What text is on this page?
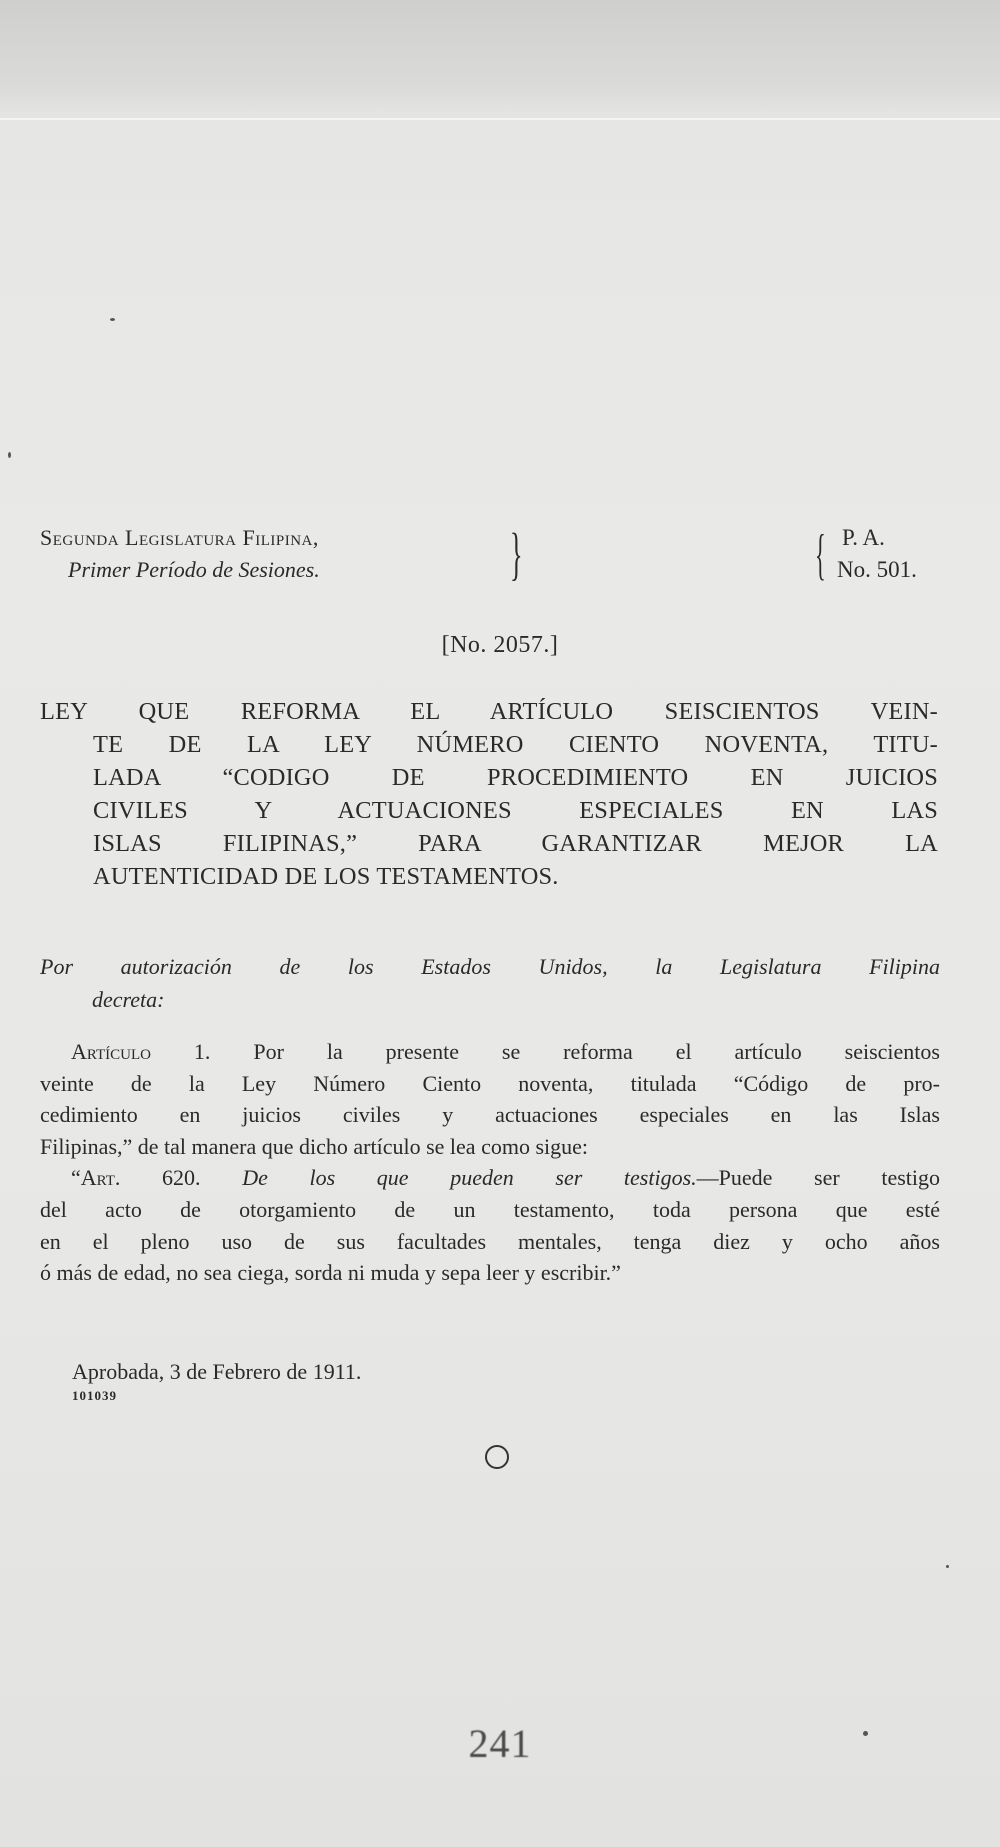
Segunda Legislatura Filipina,
Primer Período de Sesiones.	}	{ P. A.
No. 501.
[No. 2057.]
LEY QUE REFORMA EL ARTÍCULO SEISCIENTOS VEIN-
TE DE LA LEY NÚMERO CIENTO NOVENTA, TITU-
LADA “CODIGO DE PROCEDIMIENTO EN JUICIOS
CIVILES Y ACTUACIONES ESPECIALES EN LAS
ISLAS FILIPINAS,” PARA GARANTIZAR MEJOR LA
AUTENTICIDAD DE LOS TESTAMENTOS.
Por autorización de los Estados Unidos, la Legislatura Filipina
decreta:
Artículo 1. Por la presente se reforma el artículo seiscientos
veinte de la Ley Número Ciento noventa, titulada “Código de pro-
cedimiento en juicios civiles y actuaciones especiales en las Islas
Filipinas,” de tal manera que dicho artículo se lea como sigue:
“Art. 620. De los que pueden ser testigos.—Puede ser testigo
del acto de otorgamiento de un testamento, toda persona que esté
en el pleno uso de sus facultades mentales, tenga diez y ocho años
ó más de edad, no sea ciega, sorda ni muda y sepa leer y escribir.”
Aprobada, 3 de Febrero de 1911.
101039
241
